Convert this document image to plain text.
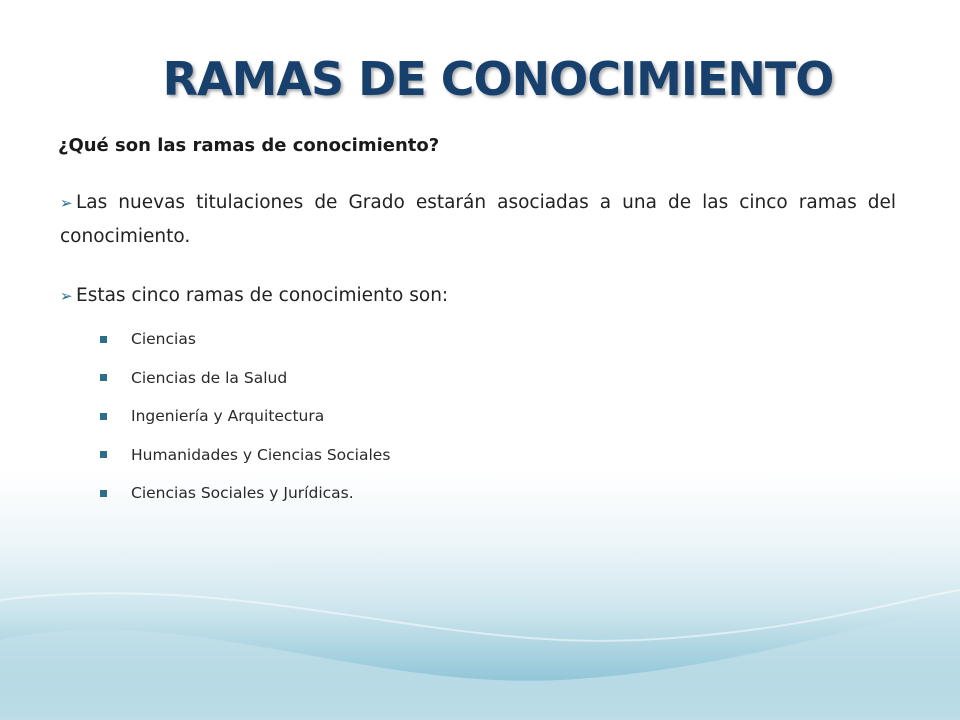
RAMAS DE CONOCIMIENTO

¿Qué son las ramas de conocimiento?

➢ Las nuevas titulaciones de Grado estarán asociadas a una de las cinco ramas del conocimiento.

➢ Estas cinco ramas de conocimiento son:

Ciencias
Ciencias de la Salud
Ingeniería y Arquitectura
Humanidades y Ciencias Sociales
Ciencias Sociales y Jurídicas.
